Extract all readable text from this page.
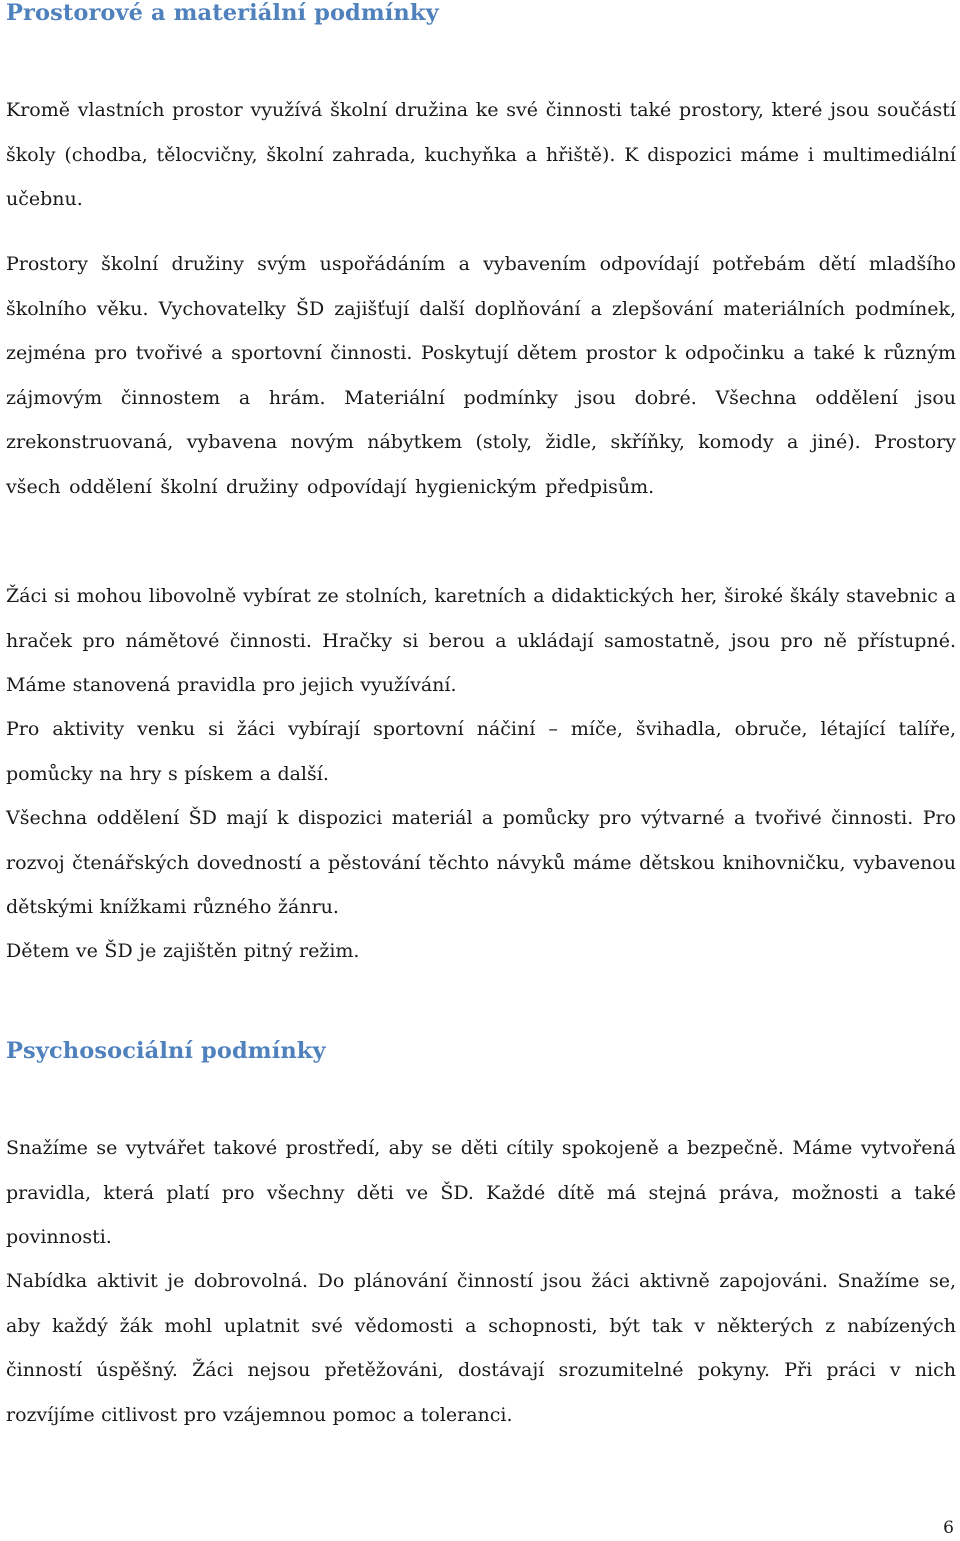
Prostorové a materiální podmínky

Kromě vlastních prostor využívá školní družina ke své činnosti také prostory, které jsou součástí školy (chodba, tělocvičny, školní zahrada, kuchyňka a hřiště). K dispozici máme i multimediální učebnu.

Prostory školní družiny svým uspořádáním a vybavením odpovídají potřebám dětí mladšího školního věku. Vychovatelky ŠD zajišťují další doplňování a zlepšování materiálních podmínek, zejména pro tvořivé a sportovní činnosti. Poskytují dětem prostor k odpočinku a také k různým zájmovým činnostem a hrám. Materiální podmínky jsou dobré. Všechna oddělení jsou zrekonstruovaná, vybavena novým nábytkem (stoly, židle, skříňky, komody a jiné). Prostory všech oddělení školní družiny odpovídají hygienickým předpisům.

Žáci si mohou libovolně vybírat ze stolních, karetních a didaktických her, široké škály stavebnic a hraček pro námětové činnosti. Hračky si berou a ukládají samostatně, jsou pro ně přístupné. Máme stanovená pravidla pro jejich využívání.

Pro aktivity venku si žáci vybírají sportovní náčiní – míče, švihadla, obruče, létající talíře, pomůcky na hry s pískem a další.

Všechna oddělení ŠD mají k dispozici materiál a pomůcky pro výtvarné a tvořivé činnosti. Pro rozvoj čtenářských dovedností a pěstování těchto návyků máme dětskou knihovničku, vybavenou dětskými knížkami různého žánru.

Dětem ve ŠD je zajištěn pitný režim.

Psychosociální podmínky

Snažíme se vytvářet takové prostředí, aby se děti cítily spokojeně a bezpečně. Máme vytvořená pravidla, která platí pro všechny děti ve ŠD. Každé dítě má stejná práva, možnosti a také povinnosti.

Nabídka aktivit je dobrovolná. Do plánování činností jsou žáci aktivně zapojováni. Snažíme se, aby každý žák mohl uplatnit své vědomosti a schopnosti, být tak v některých z nabízených činností úspěšný. Žáci nejsou přetěžováni, dostávají srozumitelné pokyny. Při práci v nich rozvíjíme citlivost pro vzájemnou pomoc a toleranci.

6
